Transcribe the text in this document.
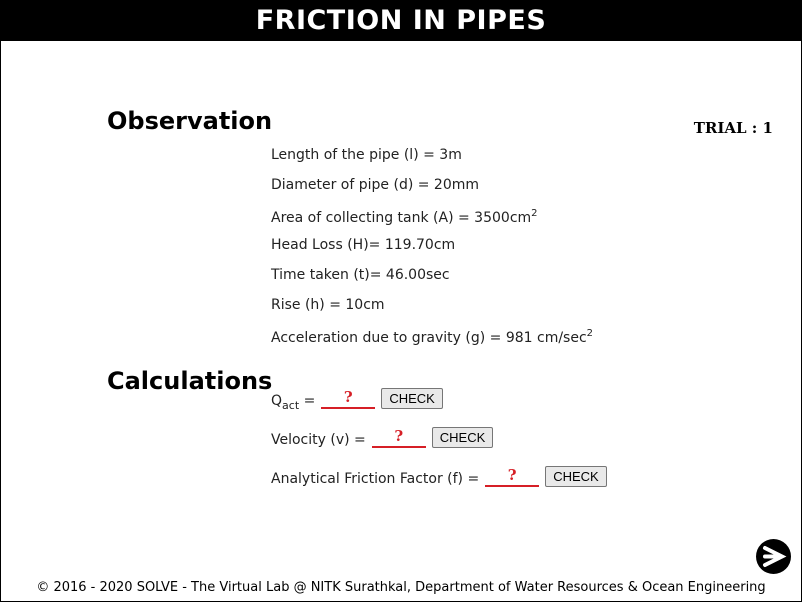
FRICTION IN PIPES
Observation	TRIAL : 1
Length of the pipe (l) = 3m
Diameter of pipe (d) = 20mm
Area of collecting tank $(A) = 3500cm^2$
Head Loss (H)= 119.70cm
Time taken (t)= 46.00sec
Rise (h) = 10cm
Acceleration due to gravity (g) = 981 $cm/\sec^2$
Calculations
$Q_{act}$ =	?	CHECK
Velocity (v) =	?	CHECK
Analytical Friction Factor (f) =	?	CHECK
© 2016 - 2020 SOLVE - The Virtual Lab @ NITK Surathkal, Department of Water Resources & Ocean Engineering
